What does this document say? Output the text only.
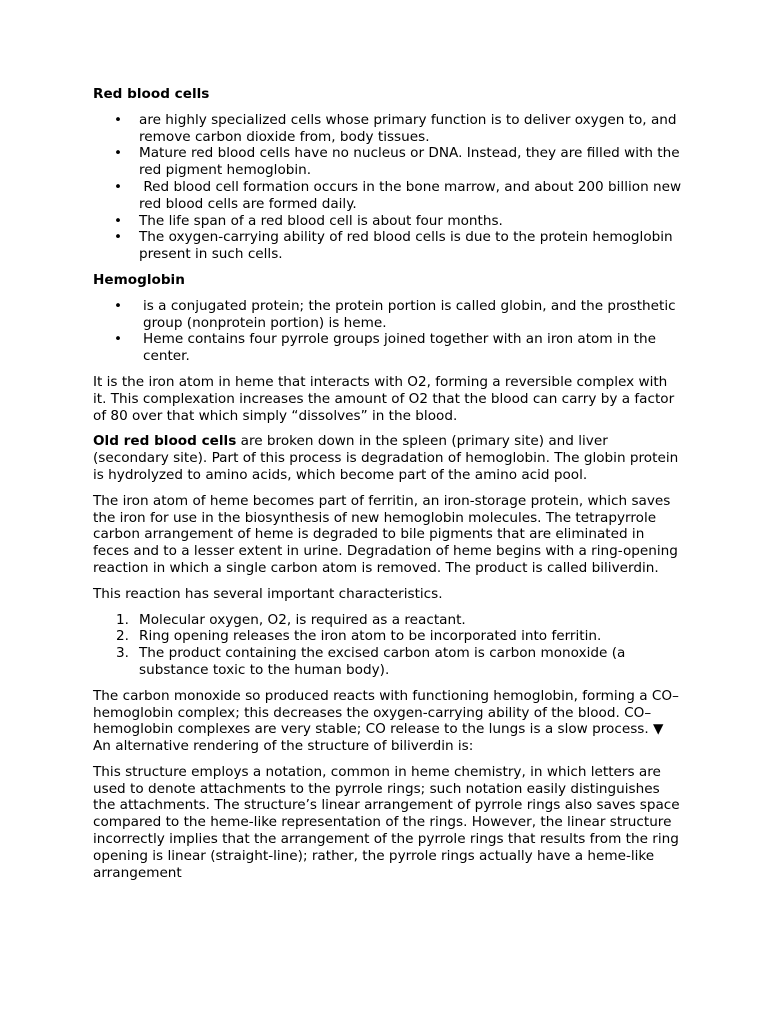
Red blood cells
• are highly specialized cells whose primary function is to deliver oxygen to, and remove carbon dioxide from, body tissues.
• Mature red blood cells have no nucleus or DNA. Instead, they are filled with the red pigment hemoglobin.
• Red blood cell formation occurs in the bone marrow, and about 200 billion new red blood cells are formed daily.
• The life span of a red blood cell is about four months.
• The oxygen-carrying ability of red blood cells is due to the protein hemoglobin present in such cells.
Hemoglobin
• is a conjugated protein; the protein portion is called globin, and the prosthetic group (nonprotein portion) is heme.
• Heme contains four pyrrole groups joined together with an iron atom in the center.

It is the iron atom in heme that interacts with O2, forming a reversible complex with it. This complexation increases the amount of O2 that the blood can carry by a factor of 80 over that which simply “dissolves” in the blood.

Old red blood cells are broken down in the spleen (primary site) and liver (secondary site). Part of this process is degradation of hemoglobin. The globin protein is hydrolyzed to amino acids, which become part of the amino acid pool.

The iron atom of heme becomes part of ferritin, an iron-storage protein, which saves the iron for use in the biosynthesis of new hemoglobin molecules. The tetrapyrrole carbon arrangement of heme is degraded to bile pigments that are eliminated in feces and to a lesser extent in urine. Degradation of heme begins with a ring-opening reaction in which a single carbon atom is removed. The product is called biliverdin.

This reaction has several important characteristics.

1. Molecular oxygen, O2, is required as a reactant.
2. Ring opening releases the iron atom to be incorporated into ferritin.
3. The product containing the excised carbon atom is carbon monoxide (a substance toxic to the human body).

The carbon monoxide so produced reacts with functioning hemoglobin, forming a CO–hemoglobin complex; this decreases the oxygen-carrying ability of the blood. CO–hemoglobin complexes are very stable; CO release to the lungs is a slow process. ▼ An alternative rendering of the structure of biliverdin is:

This structure employs a notation, common in heme chemistry, in which letters are used to denote attachments to the pyrrole rings; such notation easily distinguishes the attachments. The structure’s linear arrangement of pyrrole rings also saves space compared to the heme-like representation of the rings. However, the linear structure incorrectly implies that the arrangement of the pyrrole rings that results from the ring opening is linear (straight-line); rather, the pyrrole rings actually have a heme-like arrangement
